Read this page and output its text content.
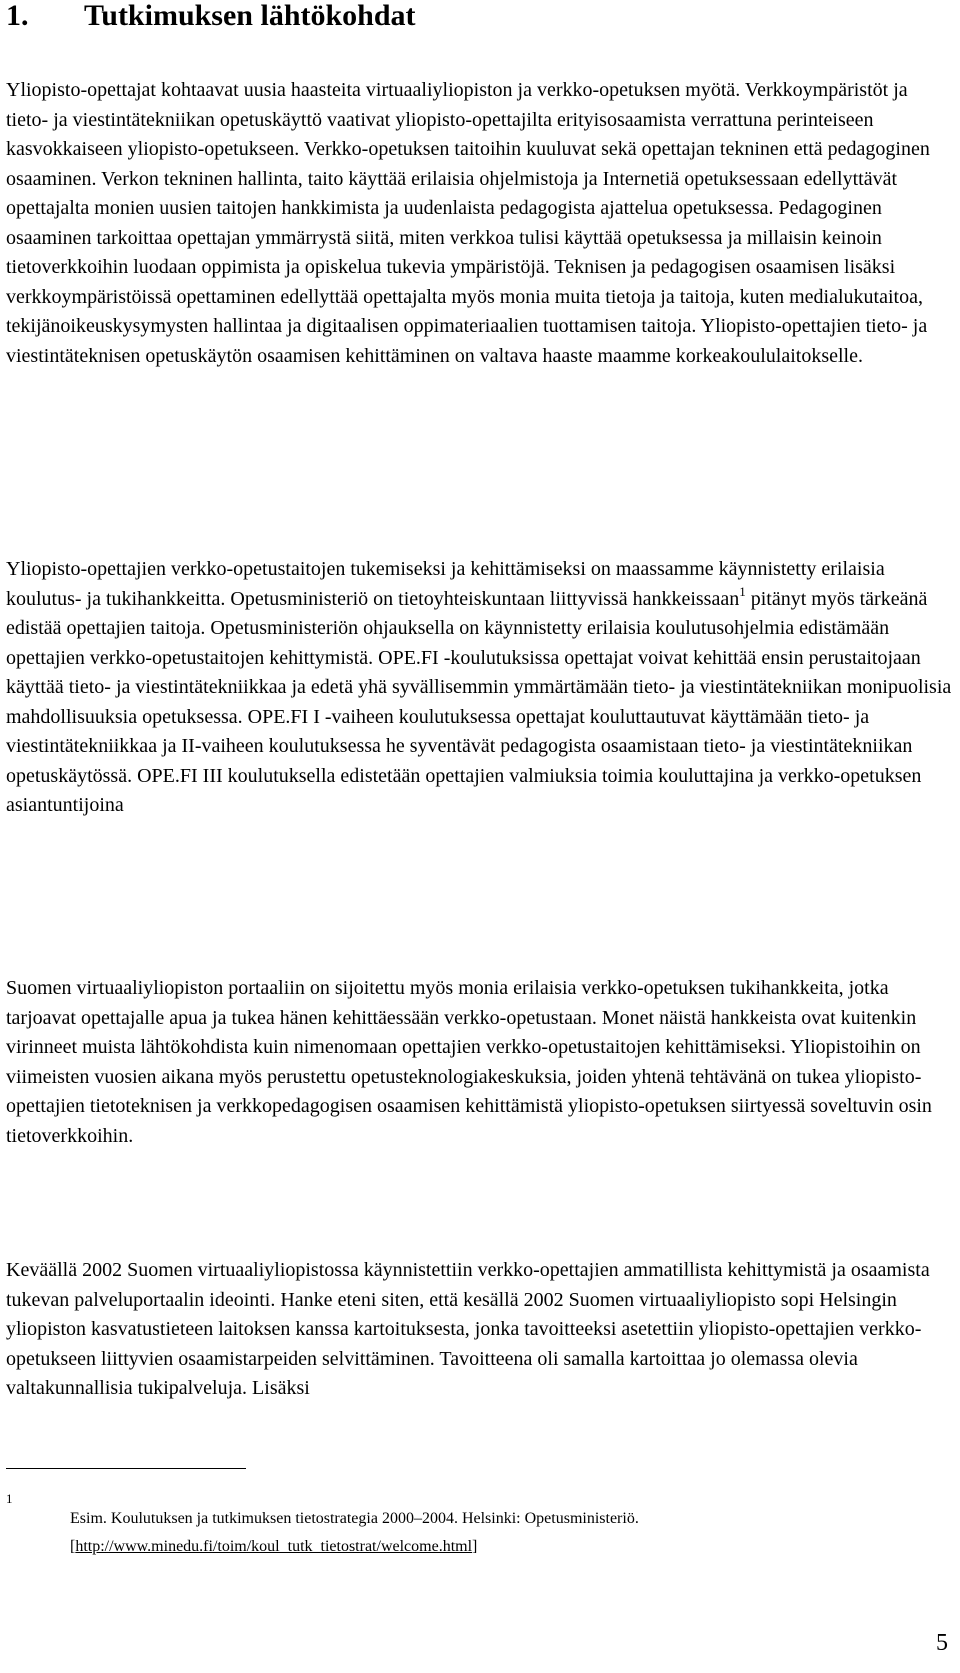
1. Tutkimuksen lähtökohdat

Yliopisto-opettajat kohtaavat uusia haasteita virtuaaliyliopiston ja verkko-opetuksen myötä. Verkkoympäristöt ja tieto- ja viestintätekniikan opetuskäyttö vaativat yliopisto-opettajilta erityisosaamista verrattuna perinteiseen kasvokkaiseen yliopisto-opetukseen. Verkko-opetuksen taitoihin kuuluvat sekä opettajan tekninen että pedagoginen osaaminen. Verkon tekninen hallinta, taito käyttää erilaisia ohjelmistoja ja Internetiä opetuksessaan edellyttävät opettajalta monien uusien taitojen hankkimista ja uudenlaista pedagogista ajattelua opetuksessa. Pedagoginen osaaminen tarkoittaa opettajan ymmärrystä siitä, miten verkkoa tulisi käyttää opetuksessa ja millaisin keinoin tietoverkkoihin luodaan oppimista ja opiskelua tukevia ympäristöjä. Teknisen ja pedagogisen osaamisen lisäksi verkkoympäristöissä opettaminen edellyttää opettajalta myös monia muita tietoja ja taitoja, kuten medialukutaitoa, tekijänoikeuskysymysten hallintaa ja digitaalisen oppimateriaalien tuottamisen taitoja. Yliopisto-opettajien tieto- ja viestintäteknisen opetuskäytön osaamisen kehittäminen on valtava haaste maamme korkeakoululaitokselle.

Yliopisto-opettajien verkko-opetustaitojen tukemiseksi ja kehittämiseksi on maassamme käynnistetty erilaisia koulutus- ja tukihankkeitta. Opetusministeriö on tietoyhteiskuntaan liittyvissä hankkeissaan$^1$ pitänyt myös tärkeänä edistää opettajien taitoja. Opetusministeriön ohjauksella on käynnistetty erilaisia koulutusohjelmia edistämään opettajien verkko-opetustaitojen kehittymistä. OPE.FI -koulutuksissa opettajat voivat kehittää ensin perustaitojaan käyttää tieto- ja viestintätekniikkaa ja edetä yhä syvällisemmin ymmärtämään tieto- ja viestintätekniikan monipuolisia mahdollisuuksia opetuksessa. OPE.FI I -vaiheen koulutuksessa opettajat kouluttautuvat käyttämään tieto- ja viestintätekniikkaa ja II-vaiheen koulutuksessa he syventävät pedagogista osaamistaan tieto- ja viestintätekniikan opetuskäytössä. OPE.FI III koulutuksella edistetään opettajien valmiuksia toimia kouluttajina ja verkko-opetuksen asiantuntijoina

Suomen virtuaaliyliopiston portaaliin on sijoitettu myös monia erilaisia verkko-opetuksen tukihankkeita, jotka tarjoavat opettajalle apua ja tukea hänen kehittäessään verkko-opetustaan. Monet näistä hankkeista ovat kuitenkin virinneet muista lähtökohdista kuin nimenomaan opettajien verkko-opetustaitojen kehittämiseksi. Yliopistoihin on viimeisten vuosien aikana myös perustettu opetusteknologiakeskuksia, joiden yhtenä tehtävänä on tukea yliopisto-opettajien tietoteknisen ja verkkopedagogisen osaamisen kehittämistä yliopisto-opetuksen siirtyessä soveltuvin osin tietoverkkoihin.

Keväällä 2002 Suomen virtuaaliyliopistossa käynnistettiin verkko-opettajien ammatillista kehittymistä ja osaamista tukevan palveluportaalin ideointi. Hanke eteni siten, että kesällä 2002 Suomen virtuaaliyliopisto sopi Helsingin yliopiston kasvatustieteen laitoksen kanssa kartoituksesta, jonka tavoitteeksi asetettiin yliopisto-opettajien verkko-opetukseen liittyvien osaamistarpeiden selvittäminen. Tavoitteena oli samalla kartoittaa jo olemassa olevia valtakunnallisia tukipalveluja. Lisäksi

1
Esim. Koulutuksen ja tutkimuksen tietostrategia 2000–2004. Helsinki: Opetusministeriö.
[http://www.minedu.fi/toim/koul_tutk_tietostrat/welcome.html]
5
